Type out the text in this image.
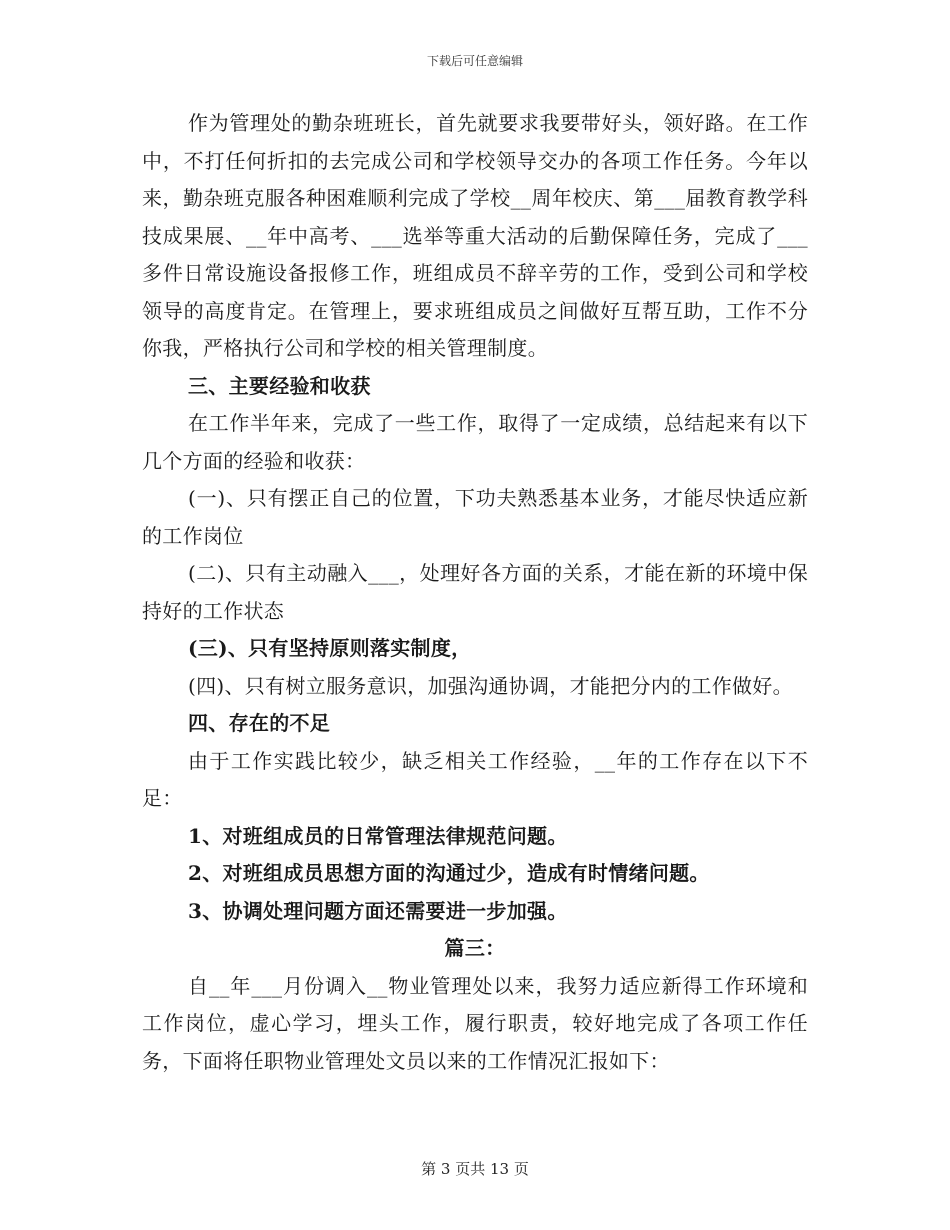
下载后可任意编辑

作为管理处的勤杂班班长，首先就要求我要带好头，领好路。在工作中，不打任何折扣的去完成公司和学校领导交办的各项工作任务。今年以来，勤杂班克服各种困难顺利完成了学校__周年校庆、第___届教育教学科技成果展、__年中高考、___选举等重大活动的后勤保障任务，完成了___多件日常设施设备报修工作，班组成员不辞辛劳的工作，受到公司和学校领导的高度肯定。在管理上，要求班组成员之间做好互帮互助，工作不分你我，严格执行公司和学校的相关管理制度。

三、主要经验和收获

在工作半年来，完成了一些工作，取得了一定成绩，总结起来有以下几个方面的经验和收获：

(一)、只有摆正自己的位置，下功夫熟悉基本业务，才能尽快适应新的工作岗位

(二)、只有主动融入___，处理好各方面的关系，才能在新的环境中保持好的工作状态

(三)、只有坚持原则落实制度，

(四)、只有树立服务意识，加强沟通协调，才能把分内的工作做好。

四、存在的不足

由于工作实践比较少，缺乏相关工作经验，__年的工作存在以下不足：

1、对班组成员的日常管理法律规范问题。

2、对班组成员思想方面的沟通过少，造成有时情绪问题。

3、协调处理问题方面还需要进一步加强。

篇三：

自__年___月份调入__物业管理处以来，我努力适应新得工作环境和工作岗位，虚心学习，埋头工作，履行职责，较好地完成了各项工作任务，下面将任职物业管理处文员以来的工作情况汇报如下：

第 3 页共 13 页
